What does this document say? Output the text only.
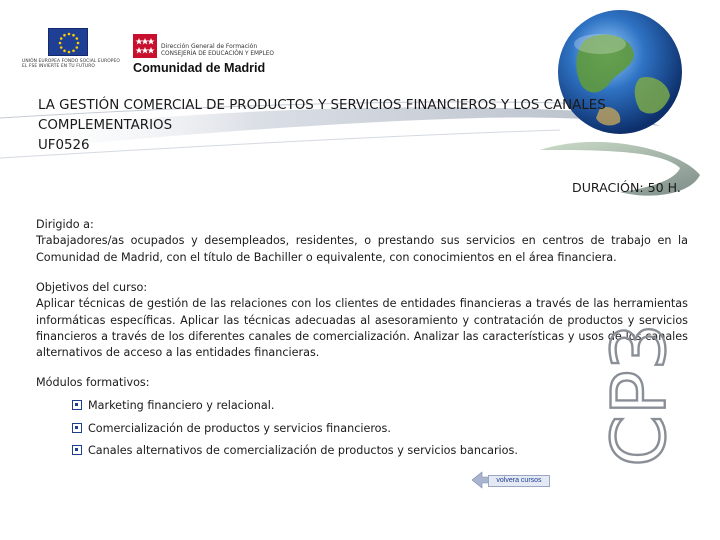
UNIÓN EUROPEA FONDO SOCIAL EUROPEO EL FSE INVIERTE EN TU FUTURO
Dirección General de Formación
CONSEJERÍA DE EDUCACIÓN Y EMPLEO
Comunidad de Madrid
LA GESTIÓN COMERCIAL DE PRODUCTOS Y SERVICIOS FINANCIEROS Y LOS CANALES COMPLEMENTARIOS
UF0526
DURACIÓN: 50 H.
Dirigido a:
Trabajadores/as ocupados y desempleados, residentes, o prestando sus servicios en centros de trabajo en la Comunidad de Madrid, con el título de Bachiller o equivalente, con conocimientos en el área financiera.
Objetivos del curso:
Aplicar técnicas de gestión de las relaciones con los clientes de entidades financieras a través de las herramientas informáticas específicas. Aplicar las técnicas adecuadas al asesoramiento y contratación de productos y servicios financieros a través de los diferentes canales de comercialización. Analizar las características y usos de los canales alternativos de acceso a las entidades financieras.
Módulos formativos:
Marketing financiero y relacional.
Comercialización de productos y servicios financieros.
Canales alternativos de comercialización de productos y servicios bancarios. CP3
volvera cursos
